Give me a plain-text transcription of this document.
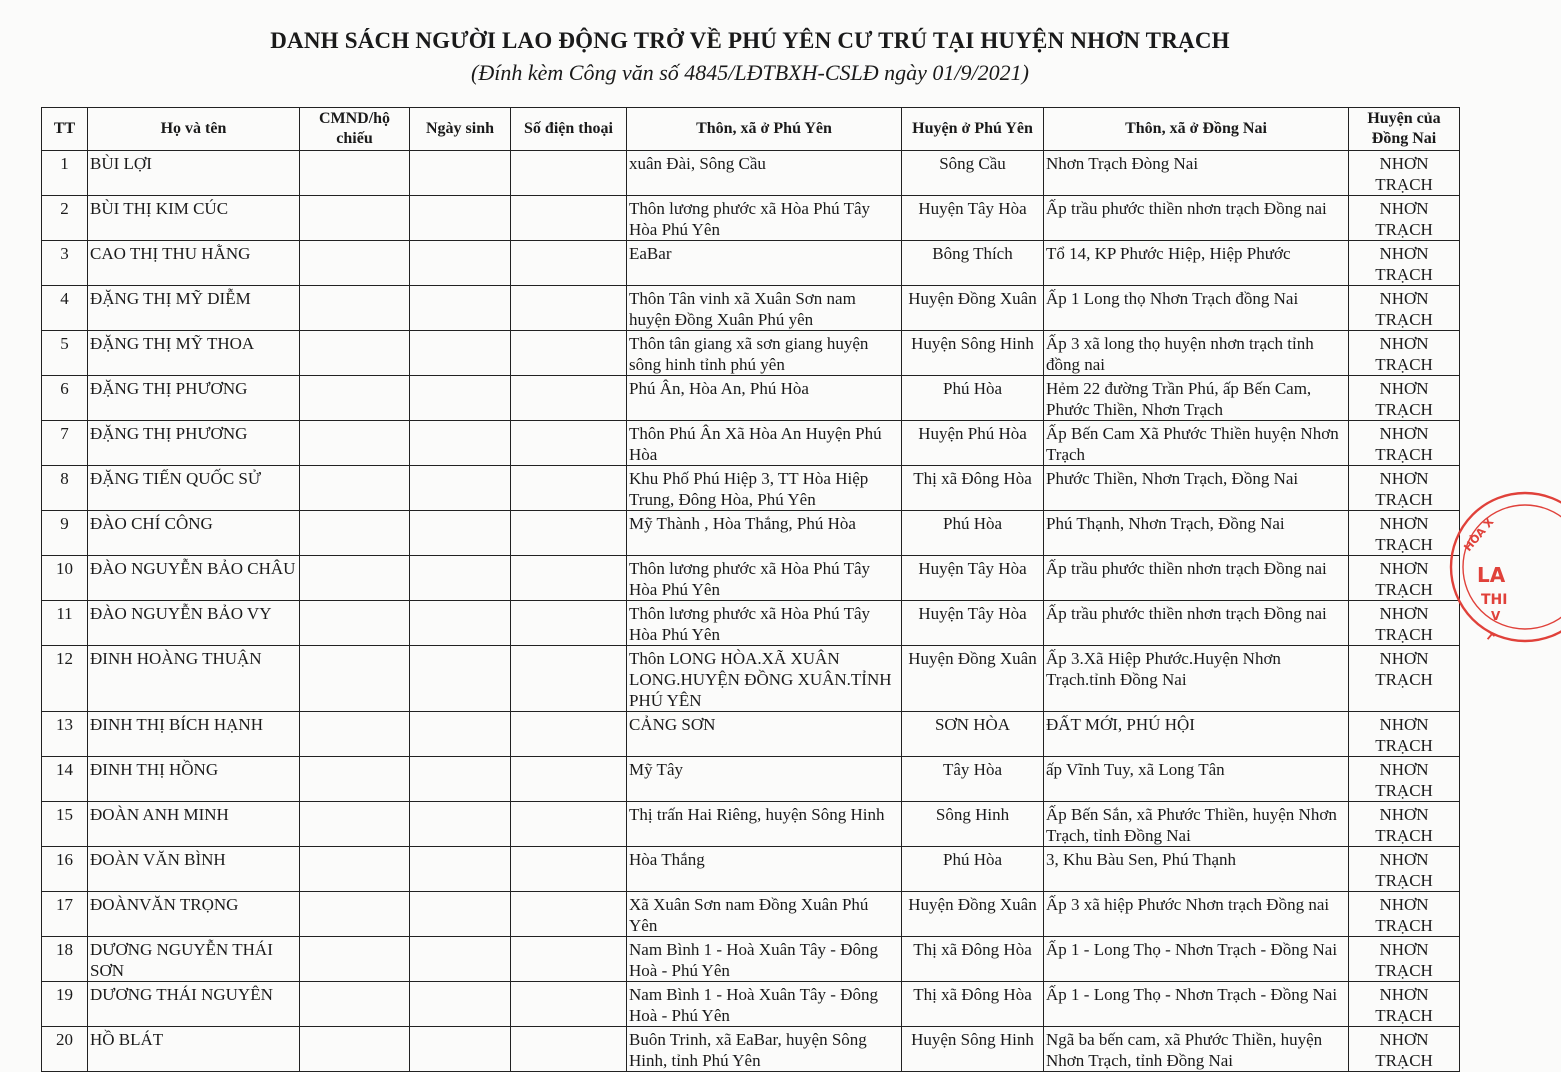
DANH SÁCH NGƯỜI LAO ĐỘNG TRỞ VỀ PHÚ YÊN CƯ TRÚ TẠI HUYỆN NHƠN TRẠCH
(Đính kèm Công văn số 4845/LĐTBXH-CSLĐ ngày 01/9/2021)
TT	Họ và tên	CMND/hộ chiếu	Ngày sinh	Số điện thoại	Thôn, xã ở Phú Yên	Huyện ở Phú Yên	Thôn, xã ở Đồng Nai	Huyện của Đồng Nai
1	BÙI LỢI				xuân Đài, Sông Cầu	Sông Cầu	Nhơn Trạch Đòng Nai	NHƠN TRẠCH
2	BÙI THỊ KIM CÚC				Thôn lương phước xã Hòa Phú Tây Hòa Phú Yên	Huyện Tây Hòa	Ấp trầu phước thiền nhơn trạch Đồng nai	NHƠN TRẠCH
3	CAO THỊ THU HẰNG				EaBar	Bông Thích	Tổ 14, KP Phước Hiệp, Hiệp Phước	NHƠN TRẠCH
4	ĐẶNG THỊ MỸ DIỄM				Thôn Tân vinh xã Xuân Sơn nam huyện Đồng Xuân Phú yên	Huyện Đồng Xuân	Ấp 1 Long thọ Nhơn Trạch đồng Nai	NHƠN TRẠCH
5	ĐẶNG THỊ MỸ THOA				Thôn tân giang xã sơn giang huyện sông hinh tỉnh phú yên	Huyện Sông Hinh	Ấp 3 xã long thọ huyện nhơn trạch tỉnh đồng nai	NHƠN TRẠCH
6	ĐẶNG THỊ PHƯƠNG				Phú Ân, Hòa An, Phú Hòa	Phú Hòa	Hẻm 22 đường Trần Phú, ấp Bến Cam, Phước Thiền, Nhơn Trạch	NHƠN TRẠCH
7	ĐẶNG THỊ PHƯƠNG				Thôn Phú Ân Xã Hòa An Huyện Phú Hòa	Huyện Phú Hòa	Ấp Bến Cam Xã Phước Thiền huyện Nhơn Trạch	NHƠN TRẠCH
8	ĐẶNG TIẾN QUỐC SỬ				Khu Phố Phú Hiệp 3, TT Hòa Hiệp Trung, Đông Hòa, Phú Yên	Thị xã Đông Hòa	Phước Thiền, Nhơn Trạch, Đồng Nai	NHƠN TRẠCH
9	ĐÀO CHÍ CÔNG				Mỹ Thành , Hòa Thắng, Phú Hòa	Phú Hòa	Phú Thạnh, Nhơn Trạch, Đồng Nai	NHƠN TRẠCH
10	ĐÀO NGUYỄN BẢO CHÂU				Thôn lương phước xã Hòa Phú Tây Hòa Phú Yên	Huyện Tây Hòa	Ấp trầu phước thiền nhơn trạch Đồng nai	NHƠN TRẠCH
11	ĐÀO NGUYỄN BẢO VY				Thôn lương phước xã Hòa Phú Tây Hòa Phú Yên	Huyện Tây Hòa	Ấp trầu phước thiền nhơn trạch Đồng nai	NHƠN TRẠCH
12	ĐINH HOÀNG THUẬN				Thôn LONG HÒA.XÃ XUÂN LONG.HUYỆN ĐỒNG XUÂN.TỈNH PHÚ YÊN	Huyện Đồng Xuân	Ấp 3.Xã Hiệp Phước.Huyện Nhơn Trạch.tỉnh Đồng Nai	NHƠN TRẠCH
13	ĐINH THỊ BÍCH HẠNH				CẢNG SƠN	SƠN HÒA	ĐẤT MỚI, PHÚ HỘI	NHƠN TRẠCH
14	ĐINH THỊ HỒNG				Mỹ Tây	Tây Hòa	ấp Vĩnh Tuy, xã Long Tân	NHƠN TRẠCH
15	ĐOÀN ANH MINH				Thị trấn Hai Riêng, huyện Sông Hinh	Sông Hinh	Ấp Bến Sắn, xã Phước Thiền, huyện Nhơn Trạch, tỉnh Đồng Nai	NHƠN TRẠCH
16	ĐOÀN VĂN BÌNH				Hòa Thắng	Phú Hòa	3, Khu Bàu Sen, Phú Thạnh	NHƠN TRẠCH
17	ĐOÀNVĂN TRỌNG				Xã Xuân Sơn nam Đồng Xuân Phú Yên	Huyện Đồng Xuân	Ấp 3 xã hiệp Phước Nhơn trạch Đồng nai	NHƠN TRẠCH
18	DƯƠNG NGUYỄN THÁI SƠN				Nam Bình 1 - Hoà Xuân Tây - Đông Hoà - Phú Yên	Thị xã Đông Hòa	Ấp 1 - Long Thọ - Nhơn Trạch - Đồng Nai	NHƠN TRẠCH
19	DƯƠNG THÁI NGUYÊN				Nam Bình 1 - Hoà Xuân Tây - Đông Hoà - Phú Yên	Thị xã Đông Hòa	Ấp 1 - Long Thọ - Nhơn Trạch - Đồng Nai	NHƠN TRẠCH
20	HỒ BLÁT				Buôn Trinh, xã EaBar, huyện Sông Hinh, tỉnh Phú Yên	Huyện Sông Hinh	Ngã ba bến cam, xã Phước Thiền, huyện Nhơn Trạch, tỉnh Đồng Nai	NHƠN TRẠCH
HÒA X
LA
THI
V
T
